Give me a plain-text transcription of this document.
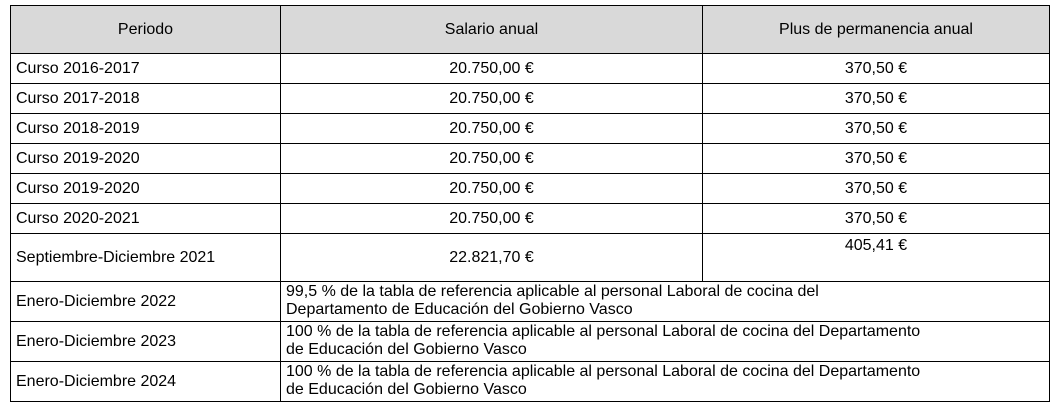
Periodo	Salario anual	Plus de permanencia anual
Curso 2016-2017	20.750,00 €	370,50 €
Curso 2017-2018	20.750,00 €	370,50 €
Curso 2018-2019	20.750,00 €	370,50 €
Curso 2019-2020	20.750,00 €	370,50 €
Curso 2019-2020	20.750,00 €	370,50 €
Curso 2020-2021	20.750,00 €	370,50 €
Septiembre-Diciembre 2021	22.821,70 €	405,41 €
Enero-Diciembre 2022	99,5 % de la tabla de referencia aplicable al personal Laboral de cocina del
Departamento de Educación del Gobierno Vasco	

Enero-Diciembre 2023	100 % de la tabla de referencia aplicable al personal Laboral de cocina del Departamento
de Educación del Gobierno Vasco	

Enero-Diciembre 2024	100 % de la tabla de referencia aplicable al personal Laboral de cocina del Departamento
de Educación del Gobierno Vasco	
